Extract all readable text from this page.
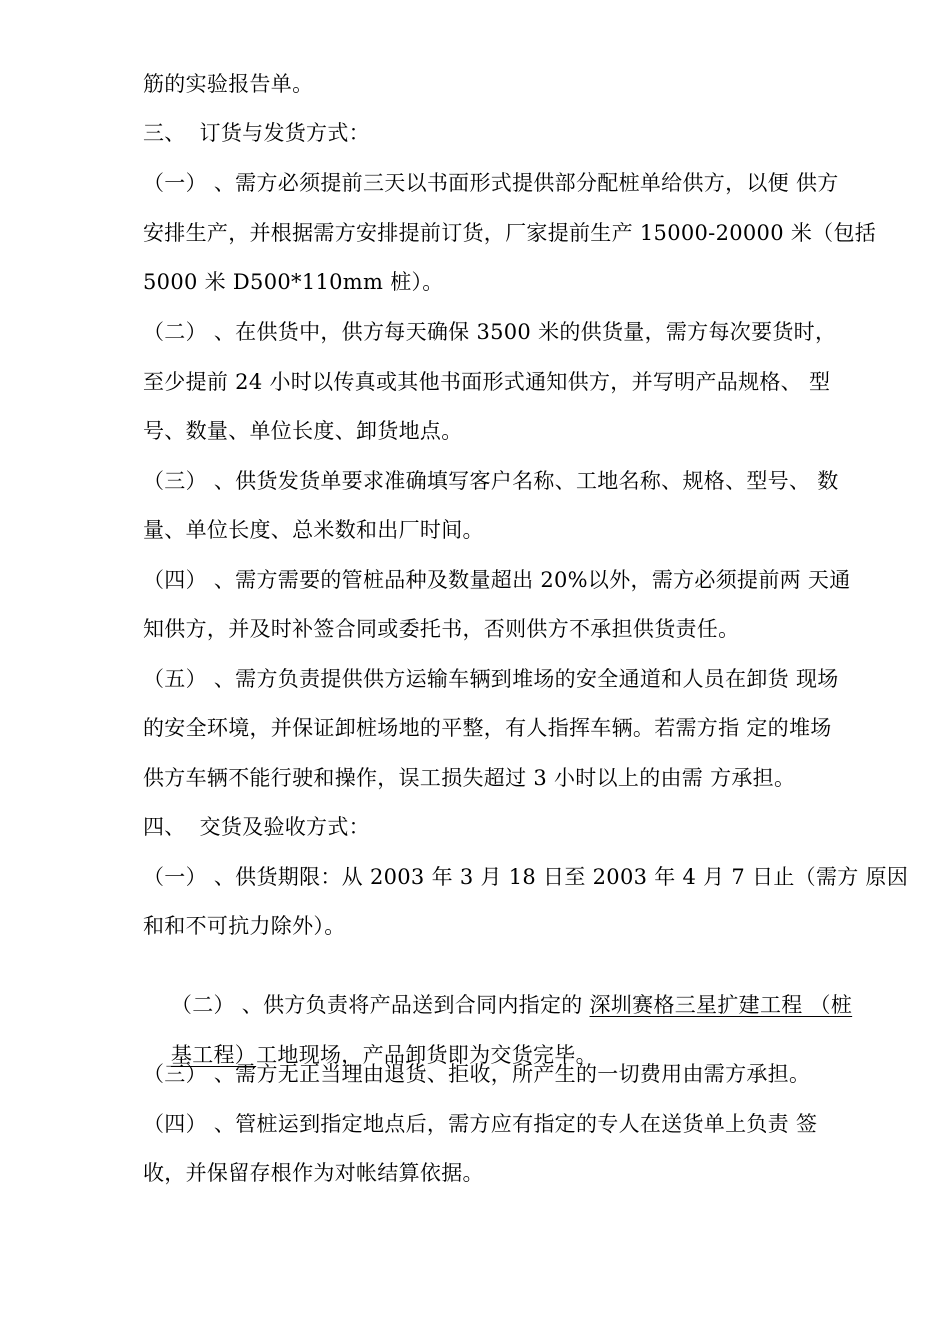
筋的实验报告单。
三、  订货与发货方式：
（一） 、需方必须提前三天以书面形式提供部分配桩单给供方，以便 供方
安排生产，并根据需方安排提前订货，厂家提前生产 15000-20000 米（包括
5000 米 D500*110mm 桩）。
（二） 、在供货中，供方每天确保 3500 米的供货量，需方每次要货时，
至少提前 24 小时以传真或其他书面形式通知供方，并写明产品规格、 型
号、数量、单位长度、卸货地点。
（三） 、供货发货单要求准确填写客户名称、工地名称、规格、型号、 数
量、单位长度、总米数和出厂时间。
（四） 、需方需要的管桩品种及数量超出 20%以外，需方必须提前两 天通
知供方，并及时补签合同或委托书，否则供方不承担供货责任。
（五） 、需方负责提供供方运输车辆到堆场的安全通道和人员在卸货 现场
的安全环境，并保证卸桩场地的平整，有人指挥车辆。若需方指 定的堆场
供方车辆不能行驶和操作，误工损失超过 3 小时以上的由需 方承担。
四、  交货及验收方式：
（一） 、供货期限：从 2003 年 3 月 18 日至 2003 年 4 月 7 日止（需方 原因
和和不可抗力除外）。

（二） 、供方负责将产品送到合同内指定的 深圳赛格三星扩建工程 （桩

基工程）工地现场，产品卸货即为交货完毕。

（三） 、需方无正当理由退货、拒收，所产生的一切费用由需方承担。
（四） 、管桩运到指定地点后，需方应有指定的专人在送货单上负责 签
收，并保留存根作为对帐结算依据。
